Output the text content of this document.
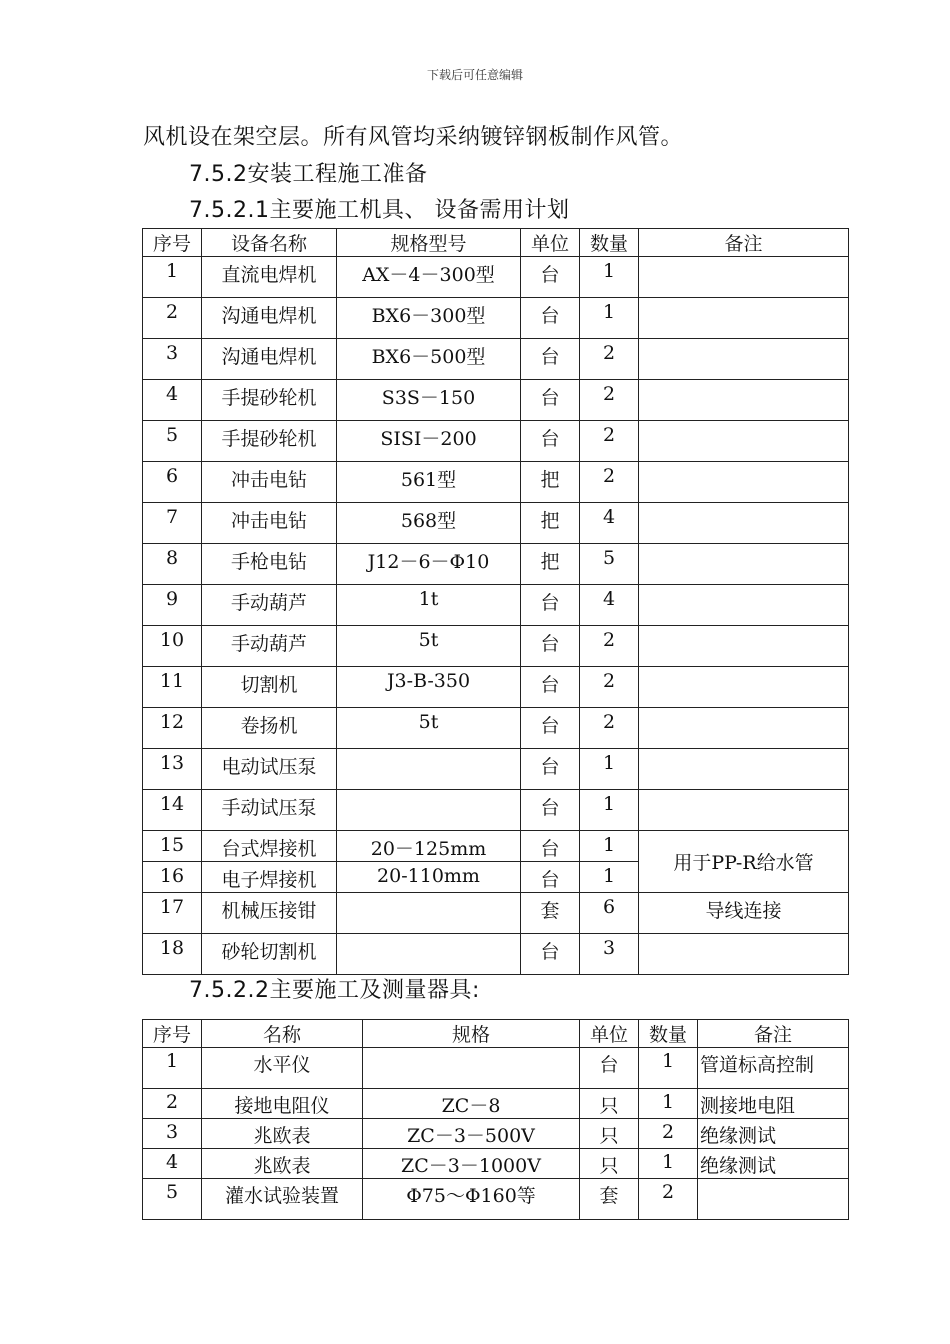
下载后可任意编辑
风机设在架空层。所有风管均采纳镀锌钢板制作风管。
7.5.2安装工程施工准备
7.5.2.1主要施工机具、 设备需用计划
序号	设备名称	规格型号	单位	数量	备注
1	直流电焊机	AX－4－300型	台	1	
2	沟通电焊机	BX6－300型	台	1	
3	沟通电焊机	BX6－500型	台	2	
4	手提砂轮机	S3S－150	台	2	
5	手提砂轮机	SISI－200	台	2	
6	冲击电钻	561型	把	2	
7	冲击电钻	568型	把	4	
8	手枪电钻	J12－6－Φ10	把	5	
9	手动葫芦	1t	台	4	
10	手动葫芦	5t	台	2	
11	切割机	J3-B-350	台	2	
12	卷扬机	5t	台	2	
13	电动试压泵		台	1	
14	手动试压泵		台	1	
15	台式焊接机	20－125mm	台	1	用于PP-R给水管
16	电子焊接机	20-110mm	台	1	
17	机械压接钳		套	6	导线连接
18	砂轮切割机		台	3	
7.5.2.2主要施工及测量器具:
序号	名称	规格	单位	数量	备注
1	水平仪		台	1	管道标高控制
2	接地电阻仪	ZC－8	只	1	测接地电阻
3	兆欧表	ZC－3－500V	只	2	绝缘测试
4	兆欧表	ZC－3－1000V	只	1	绝缘测试
5	灌水试验装置	Φ75～Φ160等	套	2	
